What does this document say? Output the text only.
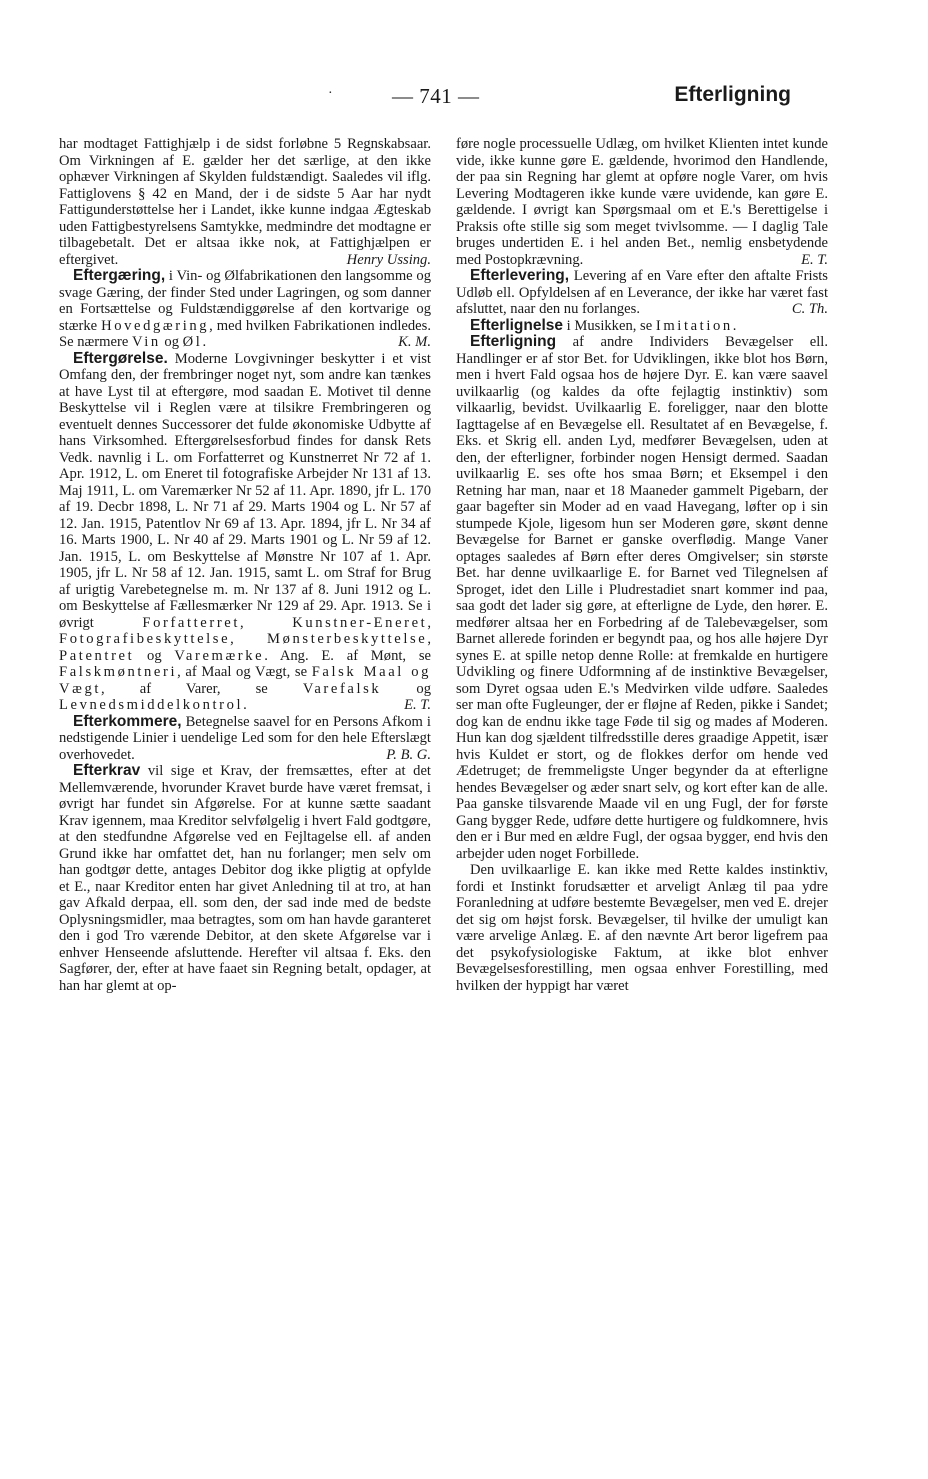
·	— 741 —	Efterligning

har modtaget Fattighjælp i de sidst forløbne 5 Regnskabsaar. Om Virkningen af E. gælder her det særlige, at den ikke ophæver Virkningen af Skylden fuldstændigt. Saaledes vil iflg. Fattiglovens § 42 en Mand, der i de sidste 5 Aar har nydt Fattigunderstøttelse her i Landet, ikke kunne indgaa Ægteskab uden Fattigbestyrelsens Samtykke, medmindre det modtagne er tilbagebetalt. Det er altsaa ikke nok, at Fattighjælpen er eftergivet.	Henry Ussing.

Eftergæring, i Vin- og Ølfabrikationen den langsomme og svage Gæring, der finder Sted under Lagringen, og som danner en Fortsættelse og Fuldstændiggørelse af den kortvarige og stærke Hovedgæring, med hvilken Fabrikationen indledes. Se nærmere Vin og Øl.	K. M.

Eftergørelse. Moderne Lovgivninger beskytter i et vist Omfang den, der frembringer noget nyt, som andre kan tænkes at have Lyst til at eftergøre, mod saadan E. Motivet til denne Beskyttelse vil i Reglen være at tilsikre Frembringeren og eventuelt dennes Successorer det fulde økonomiske Udbytte af hans Virksomhed. Eftergørelsesforbud findes for dansk Rets Vedk. navnlig i L. om Forfatterret og Kunstnerret Nr 72 af 1. Apr. 1912, L. om Eneret til fotografiske Arbejder Nr 131 af 13. Maj 1911, L. om Varemærker Nr 52 af 11. Apr. 1890, jfr L. 170 af 19. Decbr 1898, L. Nr 71 af 29. Marts 1904 og L. Nr 57 af 12. Jan. 1915, Patentlov Nr 69 af 13. Apr. 1894, jfr L. Nr 34 af 16. Marts 1900, L. Nr 40 af 29. Marts 1901 og L. Nr 59 af 12. Jan. 1915, L. om Beskyttelse af Mønstre Nr 107 af 1. Apr. 1905, jfr L. Nr 58 af 12. Jan. 1915, samt L. om Straf for Brug af urigtig Varebetegnelse m. m. Nr 137 af 8. Juni 1912 og L. om Beskyttelse af Fællesmærker Nr 129 af 29. Apr. 1913. Se i øvrigt Forfatterret, Kunstner-Eneret, Fotografibeskyttelse, Mønsterbeskyttelse, Patentret og Varemærke. Ang. E. af Mønt, se Falskmøntneri, af Maal og Vægt, se Falsk Maal og Vægt, af Varer, se Varefalsk og Levnedsmiddelkontrol.	E. T.

Efterkommere, Betegnelse saavel for en Persons Afkom i nedstigende Linier i uendelige Led som for den hele Efterslægt overhovedet.	P. B. G.

Efterkrav vil sige et Krav, der fremsættes, efter at det Mellemværende, hvorunder Kravet burde have været fremsat, i øvrigt har fundet sin Afgørelse. For at kunne sætte saadant Krav igennem, maa Kreditor selvfølgelig i hvert Fald godtgøre, at den stedfundne Afgørelse ved en Fejltagelse ell. af anden Grund ikke har omfattet det, han nu forlanger; men selv om han godtgør dette, antages Debitor dog ikke pligtig at opfylde et E., naar Kreditor enten har givet Anledning til at tro, at han gav Afkald derpaa, ell. som den, der sad inde med de bedste Oplysningsmidler, maa betragtes, som om han havde garanteret den i god Tro værende Debitor, at den skete Afgørelse var i enhver Henseende afsluttende. Herefter vil altsaa f. Eks. den Sagfører, der, efter at have faaet sin Regning betalt, opdager, at han har glemt at op-

føre nogle processuelle Udlæg, om hvilket Klienten intet kunde vide, ikke kunne gøre E. gældende, hvorimod den Handlende, der paa sin Regning har glemt at opføre nogle Varer, om hvis Levering Modtageren ikke kunde være uvidende, kan gøre E. gældende. I øvrigt kan Spørgsmaal om et E.'s Berettigelse i Praksis ofte stille sig som meget tvivlsomme. — I daglig Tale bruges undertiden E. i hel anden Bet., nemlig ensbetydende med Postopkrævning.	E. T.

Efterlevering, Levering af en Vare efter den aftalte Frists Udløb ell. Opfyldelsen af en Leverance, der ikke har været fast afsluttet, naar den nu forlanges.	C. Th.

Efterlignelse i Musikken, se Imitation.

Efterligning af andre Individers Bevægelser ell. Handlinger er af stor Bet. for Udviklingen, ikke blot hos Børn, men i hvert Fald ogsaa hos de højere Dyr. E. kan være saavel uvilkaarlig (og kaldes da ofte fejlagtig instinktiv) som vilkaarlig, bevidst. Uvilkaarlig E. foreligger, naar den blotte Iagttagelse af en Bevægelse ell. Resultatet af en Bevægelse, f. Eks. et Skrig ell. anden Lyd, medfører Bevægelsen, uden at den, der efterligner, forbinder nogen Hensigt dermed. Saadan uvilkaarlig E. ses ofte hos smaa Børn; et Eksempel i den Retning har man, naar et 18 Maaneder gammelt Pigebarn, der gaar bagefter sin Moder ad en vaad Havegang, løfter op i sin stumpede Kjole, ligesom hun ser Moderen gøre, skønt denne Bevægelse for Barnet er ganske overflødig. Mange Vaner optages saaledes af Børn efter deres Omgivelser; sin største Bet. har denne uvilkaarlige E. for Barnet ved Tilegnelsen af Sproget, idet den Lille i Pludrestadiet snart kommer ind paa, saa godt det lader sig gøre, at efterligne de Lyde, den hører. E. medfører altsaa her en Forbedring af de Talebevægelser, som Barnet allerede forinden er begyndt paa, og hos alle højere Dyr synes E. at spille netop denne Rolle: at fremkalde en hurtigere Udvikling og finere Udformning af de instinktive Bevægelser, som Dyret ogsaa uden E.'s Medvirken vilde udføre. Saaledes ser man ofte Fugleunger, der er fløjne af Reden, pikke i Sandet; dog kan de endnu ikke tage Føde til sig og mades af Moderen. Hun kan dog sjældent tilfredsstille deres graadige Appetit, især hvis Kuldet er stort, og de flokkes derfor om hende ved Ædetruget; de fremmeligste Unger begynder da at efterligne hendes Bevægelser og æder snart selv, og kort efter kan de alle. Paa ganske tilsvarende Maade vil en ung Fugl, der for første Gang bygger Rede, udføre dette hurtigere og fuldkomnere, hvis den er i Bur med en ældre Fugl, der ogsaa bygger, end hvis den arbejder uden noget Forbillede.

Den uvilkaarlige E. kan ikke med Rette kaldes instinktiv, fordi et Instinkt forudsætter et arveligt Anlæg til paa ydre Foranledning at udføre bestemte Bevægelser, men ved E. drejer det sig om højst forsk. Bevægelser, til hvilke der umuligt kan være arvelige Anlæg. E. af den nævnte Art beror ligefrem paa det psykofysiologiske Faktum, at ikke blot enhver Bevægelsesforestilling, men ogsaa enhver Forestilling, med hvilken der hyppigt har været
